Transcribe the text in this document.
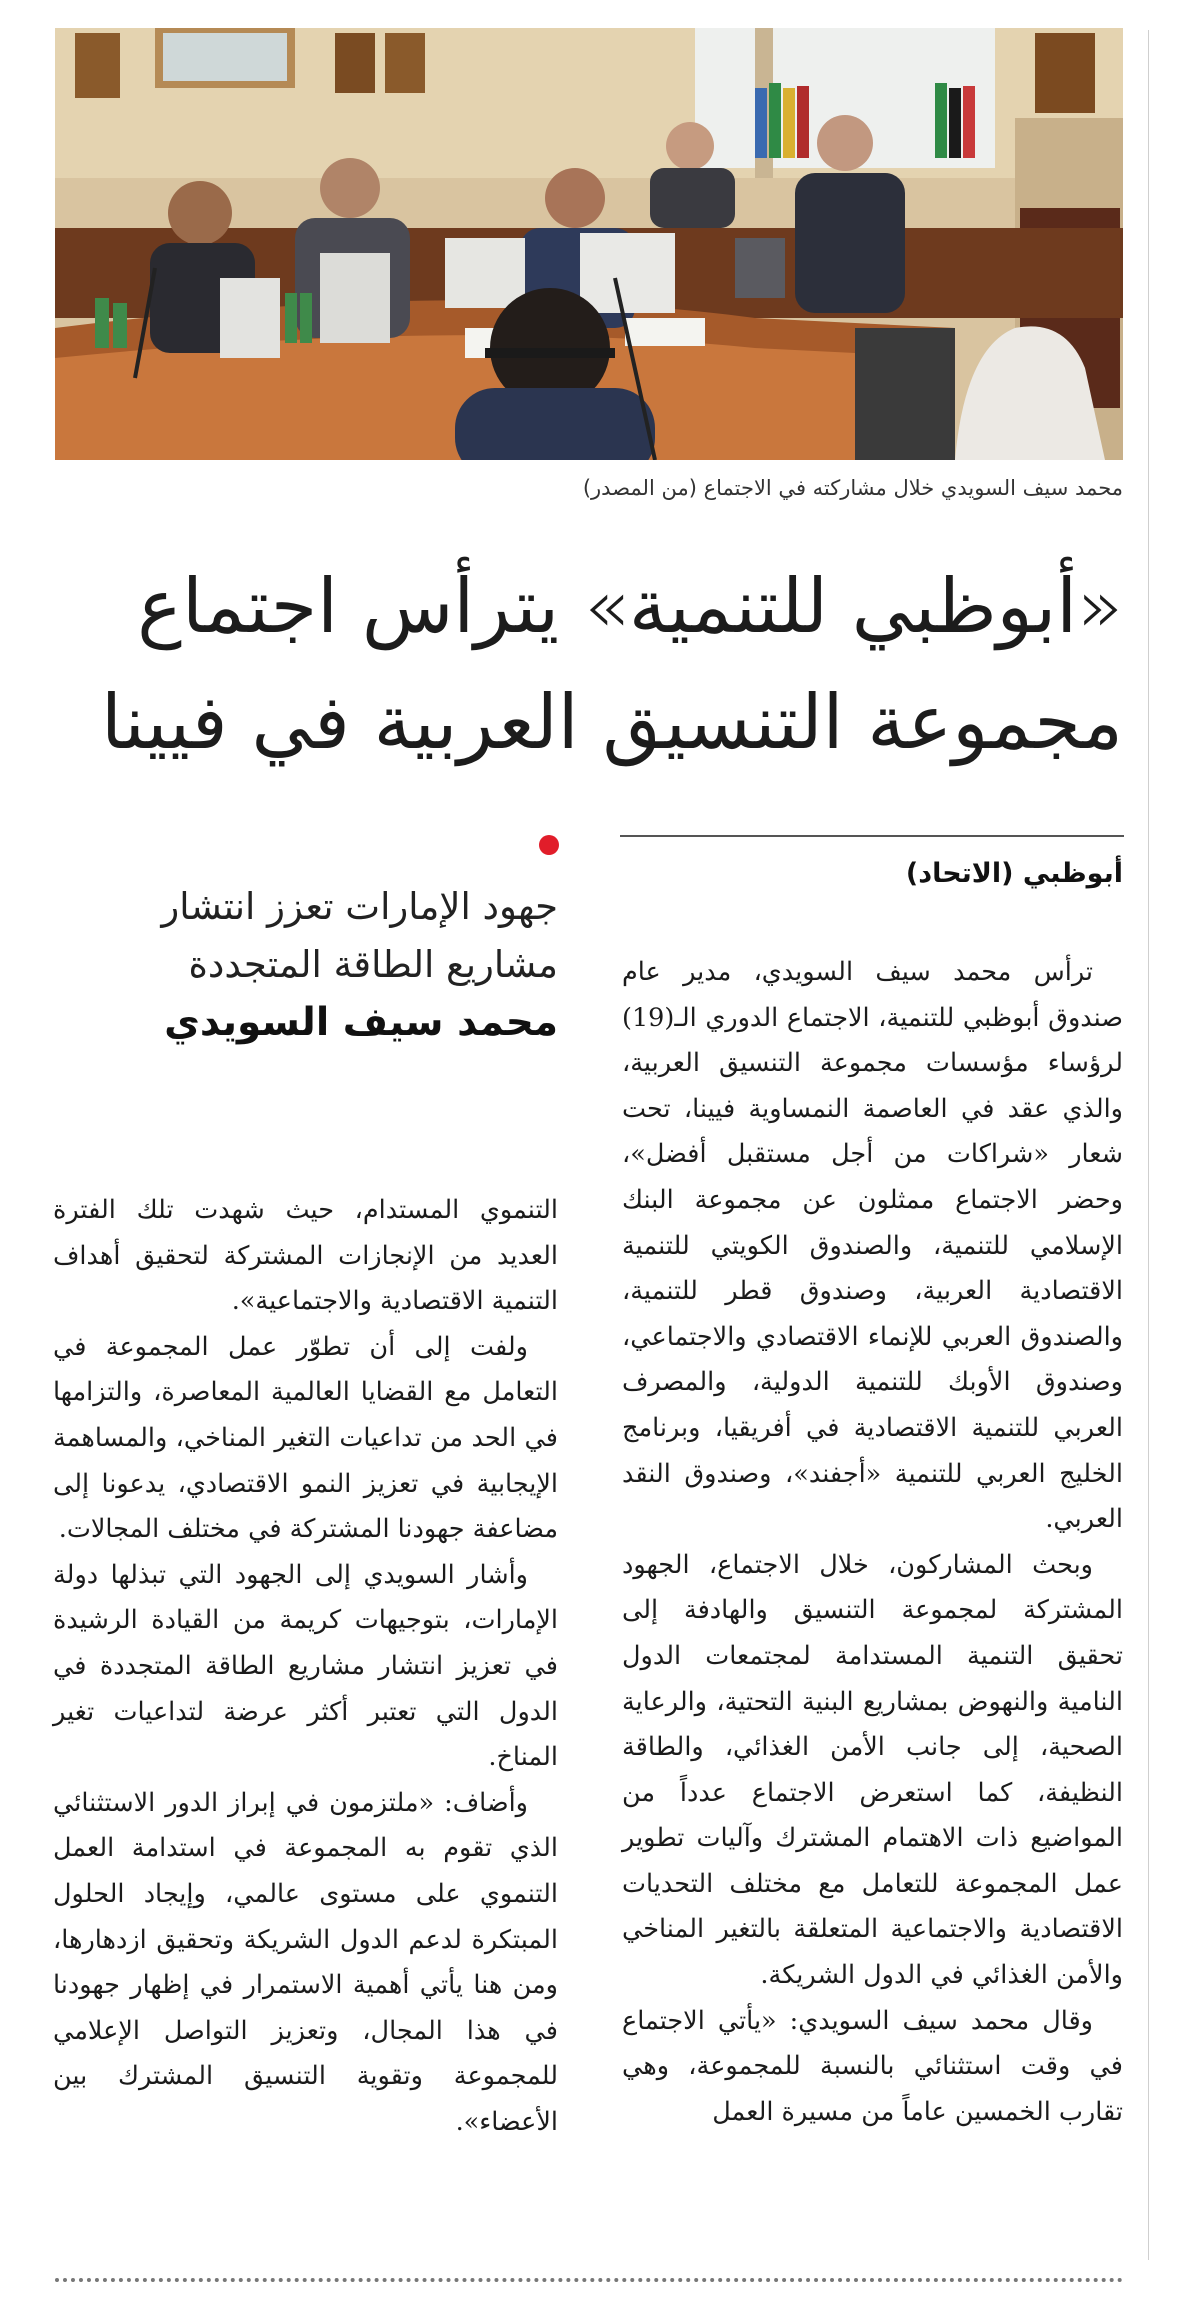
محمد سيف السويدي خلال مشاركته في الاجتماع (من المصدر)
«أبوظبي للتنمية» يترأس اجتماع
مجموعة التنسيق العربية في فيينا
أبوظبي (الاتحاد)
جهود الإمارات تعزز انتشار
مشاريع الطاقة المتجددة
محمد سيف السويدي

ترأس محمد سيف السويدي، مدير عام صندوق أبوظبي للتنمية، الاجتماع الدوري الـ(19) لرؤساء مؤسسات مجموعة التنسيق العربية، والذي عقد في العاصمة النمساوية فيينا، تحت شعار «شراكات من أجل مستقبل أفضل»، وحضر الاجتماع ممثلون عن مجموعة البنك الإسلامي للتنمية، والصندوق الكويتي للتنمية الاقتصادية العربية، وصندوق قطر للتنمية، والصندوق العربي للإنماء الاقتصادي والاجتماعي، وصندوق الأوبك للتنمية الدولية، والمصرف العربي للتنمية الاقتصادية في أفريقيا، وبرنامج الخليج العربي للتنمية «أجفند»، وصندوق النقد العربي.

وبحث المشاركون، خلال الاجتماع، الجهود المشتركة لمجموعة التنسيق والهادفة إلى تحقيق التنمية المستدامة لمجتمعات الدول النامية والنهوض بمشاريع البنية التحتية، والرعاية الصحية، إلى جانب الأمن الغذائي، والطاقة النظيفة، كما استعرض الاجتماع عدداً من المواضيع ذات الاهتمام المشترك وآليات تطوير عمل المجموعة للتعامل مع مختلف التحديات الاقتصادية والاجتماعية المتعلقة بالتغير المناخي والأمن الغذائي في الدول الشريكة.

وقال محمد سيف السويدي: «يأتي الاجتماع في وقت استثنائي بالنسبة للمجموعة، وهي تقارب الخمسين عاماً من مسيرة العمل

التنموي المستدام، حيث شهدت تلك الفترة العديد من الإنجازات المشتركة لتحقيق أهداف التنمية الاقتصادية والاجتماعية».

ولفت إلى أن تطوّر عمل المجموعة في التعامل مع القضايا العالمية المعاصرة، والتزامها في الحد من تداعيات التغير المناخي، والمساهمة الإيجابية في تعزيز النمو الاقتصادي، يدعونا إلى مضاعفة جهودنا المشتركة في مختلف المجالات.

وأشار السويدي إلى الجهود التي تبذلها دولة الإمارات، بتوجيهات كريمة من القيادة الرشيدة في تعزيز انتشار مشاريع الطاقة المتجددة في الدول التي تعتبر أكثر عرضة لتداعيات تغير المناخ.

وأضاف: «ملتزمون في إبراز الدور الاستثنائي الذي تقوم به المجموعة في استدامة العمل التنموي على مستوى عالمي، وإيجاد الحلول المبتكرة لدعم الدول الشريكة وتحقيق ازدهارها، ومن هنا يأتي أهمية الاستمرار في إظهار جهودنا في هذا المجال، وتعزيز التواصل الإعلامي للمجموعة وتقوية التنسيق المشترك بين الأعضاء».
